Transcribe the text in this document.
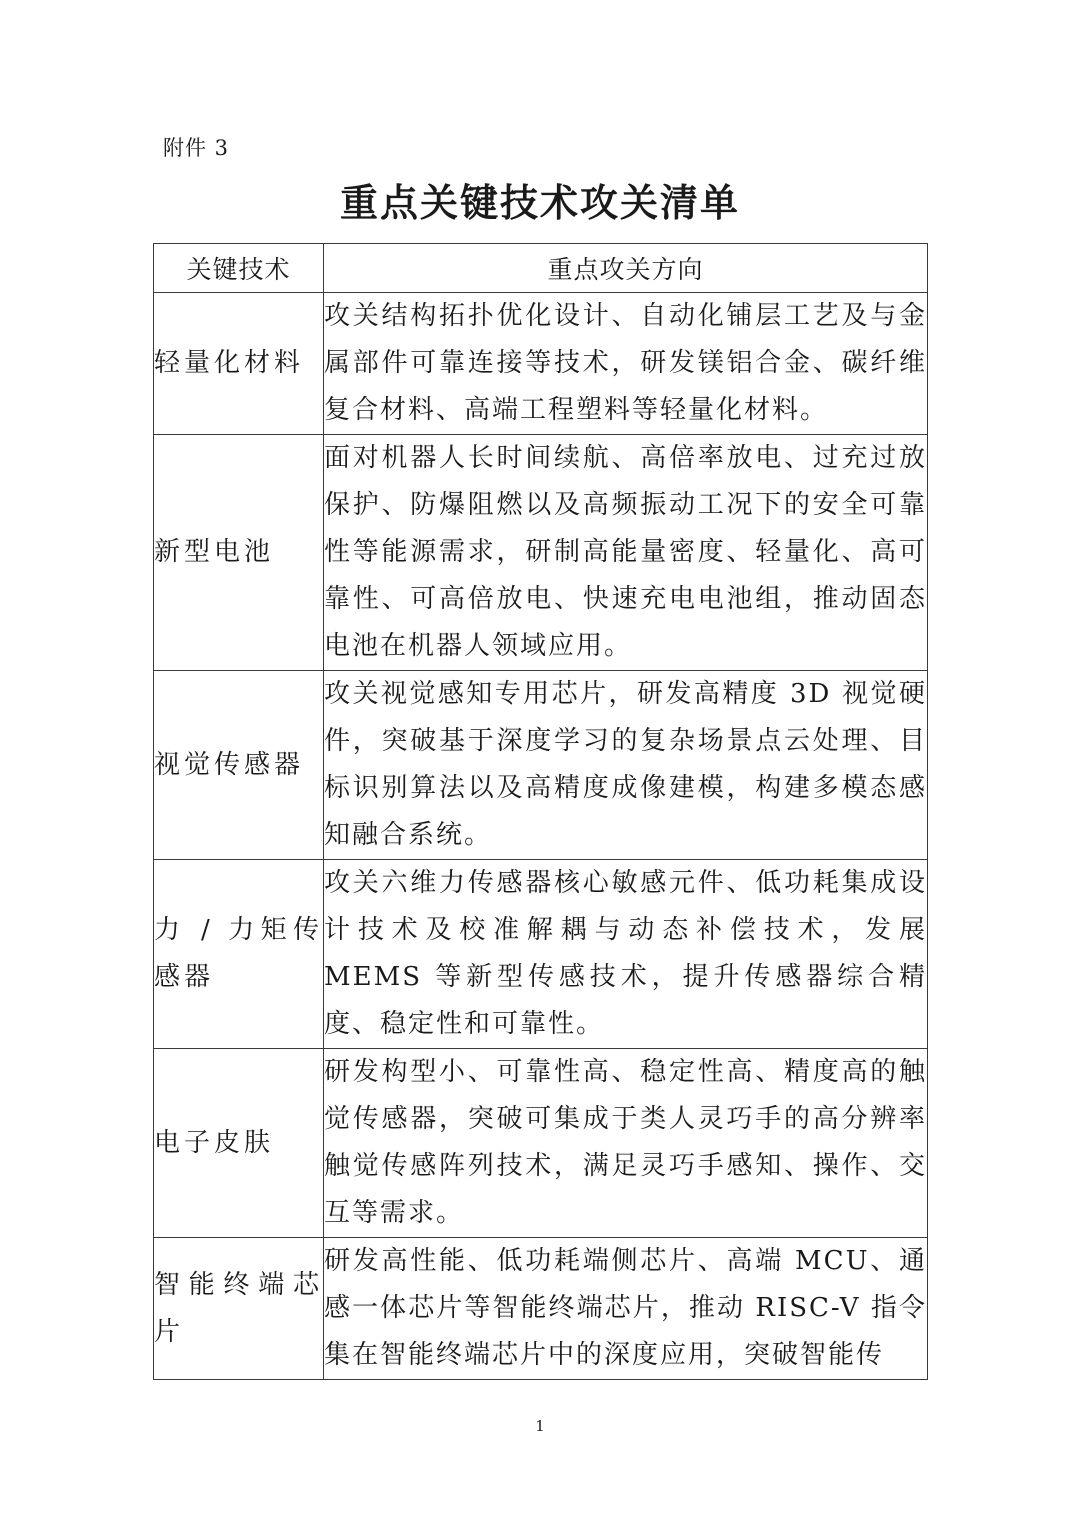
附件 3
重点关键技术攻关清单
关键技术	重点攻关方向

轻量化材料	攻关结构拓扑优化设计、自动化铺层工艺及与金属部件可靠连接等技术，研发镁铝合金、碳纤维复合材料、高端工程塑料等轻量化材料。

新型电池	面对机器人长时间续航、高倍率放电、过充过放保护、防爆阻燃以及高频振动工况下的安全可靠性等能源需求，研制高能量密度、轻量化、高可靠性、可高倍放电、快速充电电池组，推动固态电池在机器人领域应用。

视觉传感器	攻关视觉感知专用芯片，研发高精度 3D 视觉硬件，突破基于深度学习的复杂场景点云处理、目标识别算法以及高精度成像建模，构建多模态感知融合系统。

力 / 力矩传感器	攻关六维力传感器核心敏感元件、低功耗集成设计技术及校准解耦与动态补偿技术，发展 MEMS 等新型传感技术，提升传感器综合精度、稳定性和可靠性。

电子皮肤	研发构型小、可靠性高、稳定性高、精度高的触觉传感器，突破可集成于类人灵巧手的高分辨率触觉传感阵列技术，满足灵巧手感知、操作、交互等需求。

智能终端芯片	研发高性能、低功耗端侧芯片、高端 MCU、通感一体芯片等智能终端芯片，推动 RISC-V 指令集在智能终端芯片中的深度应用，突破智能传
1
